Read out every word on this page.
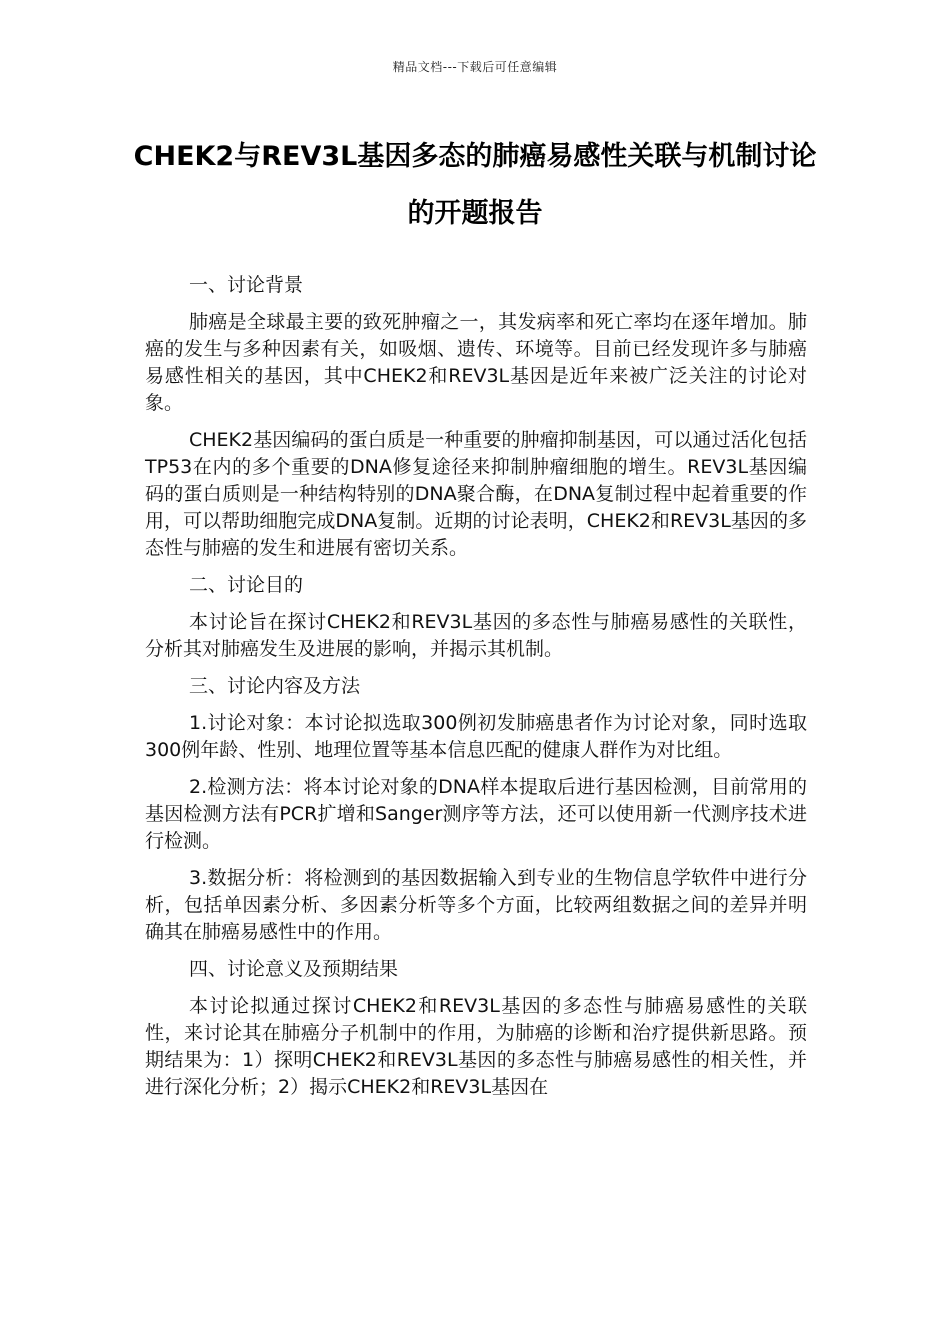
精品文档---下载后可任意编辑
CHEK2与REV3L基因多态的肺癌易感性关联与机制讨论的开题报告

一、讨论背景

肺癌是全球最主要的致死肿瘤之一，其发病率和死亡率均在逐年增加。肺癌的发生与多种因素有关，如吸烟、遗传、环境等。目前已经发现许多与肺癌易感性相关的基因，其中CHEK2和REV3L基因是近年来被广泛关注的讨论对象。

CHEK2基因编码的蛋白质是一种重要的肿瘤抑制基因，可以通过活化包括TP53在内的多个重要的DNA修复途径来抑制肿瘤细胞的增生。REV3L基因编码的蛋白质则是一种结构特别的DNA聚合酶，在DNA复制过程中起着重要的作用，可以帮助细胞完成DNA复制。近期的讨论表明，CHEK2和REV3L基因的多态性与肺癌的发生和进展有密切关系。

二、讨论目的

本讨论旨在探讨CHEK2和REV3L基因的多态性与肺癌易感性的关联性，分析其对肺癌发生及进展的影响，并揭示其机制。

三、讨论内容及方法

1.讨论对象：本讨论拟选取300例初发肺癌患者作为讨论对象，同时选取300例年龄、性别、地理位置等基本信息匹配的健康人群作为对比组。

2.检测方法：将本讨论对象的DNA样本提取后进行基因检测，目前常用的基因检测方法有PCR扩增和Sanger测序等方法，还可以使用新一代测序技术进行检测。

3.数据分析：将检测到的基因数据输入到专业的生物信息学软件中进行分析，包括单因素分析、多因素分析等多个方面，比较两组数据之间的差异并明确其在肺癌易感性中的作用。

四、讨论意义及预期结果

本讨论拟通过探讨CHEK2和REV3L基因的多态性与肺癌易感性的关联性，来讨论其在肺癌分子机制中的作用，为肺癌的诊断和治疗提供新思路。预期结果为：1）探明CHEK2和REV3L基因的多态性与肺癌易感性的相关性，并进行深化分析；2）揭示CHEK2和REV3L基因在
